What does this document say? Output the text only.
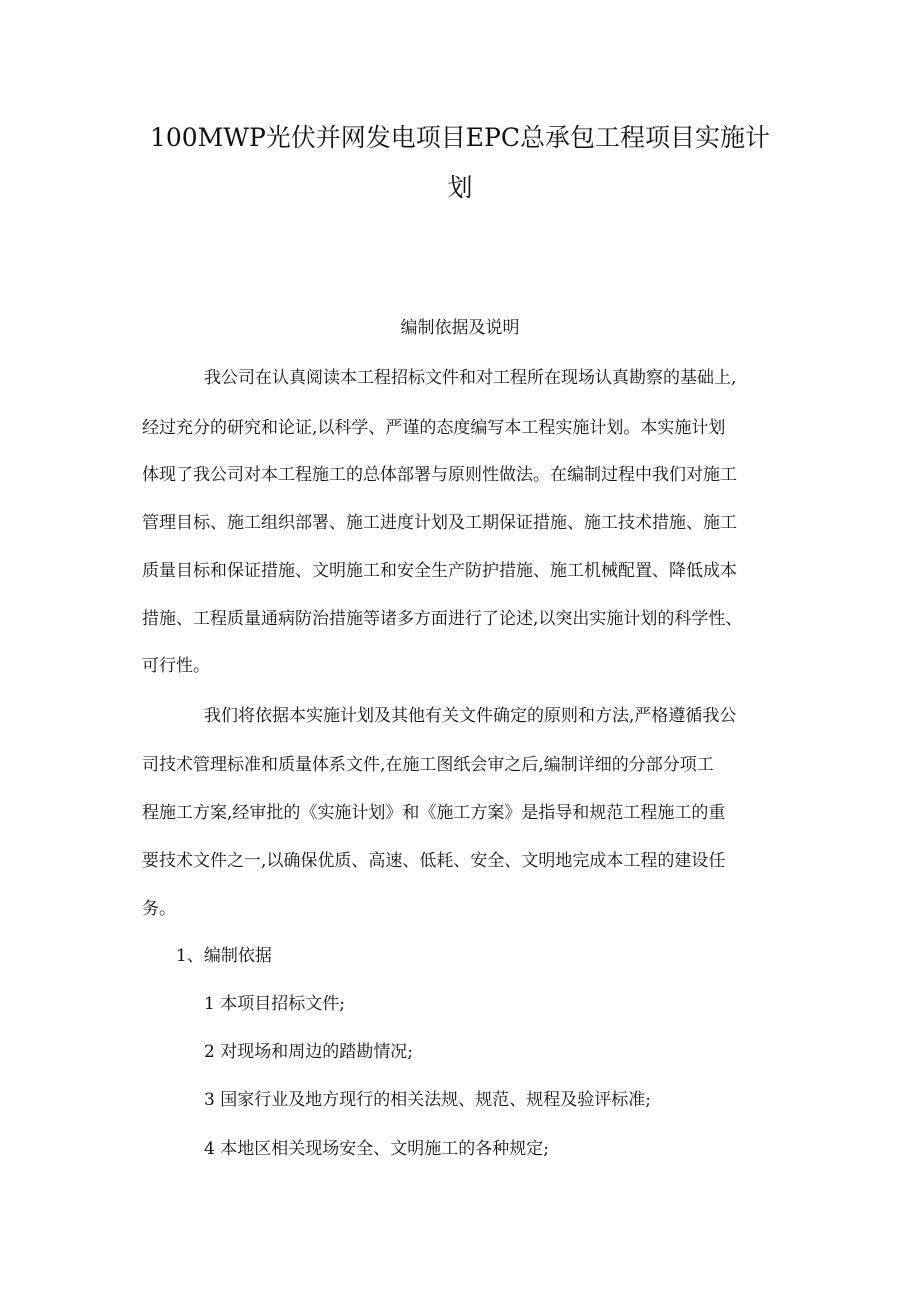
100MWP光伏并网发电项目EPC总承包工程项目实施计
划
编制依据及说明
我公司在认真阅读本工程招标文件和对工程所在现场认真勘察的基础上,
经过充分的研究和论证,以科学、严谨的态度编写本工程实施计划。本实施计划
体现了我公司对本工程施工的总体部署与原则性做法。在编制过程中我们对施工
管理目标、施工组织部署、施工进度计划及工期保证措施、施工技术措施、施工
质量目标和保证措施、文明施工和安全生产防护措施、施工机械配置、降低成本
措施、工程质量通病防治措施等诸多方面进行了论述,以突出实施计划的科学性、
可行性。
我们将依据本实施计划及其他有关文件确定的原则和方法,严格遵循我公
司技术管理标准和质量体系文件,在施工图纸会审之后,编制详细的分部分项工
程施工方案,经审批的《实施计划》和《施工方案》是指导和规范工程施工的重
要技术文件之一,以确保优质、高速、低耗、安全、文明地完成本工程的建设任
务。
1、编制依据
1 本项目招标文件;
2 对现场和周边的踏勘情况;
3 国家行业及地方现行的相关法规、规范、规程及验评标准;
4 本地区相关现场安全、文明施工的各种规定;
